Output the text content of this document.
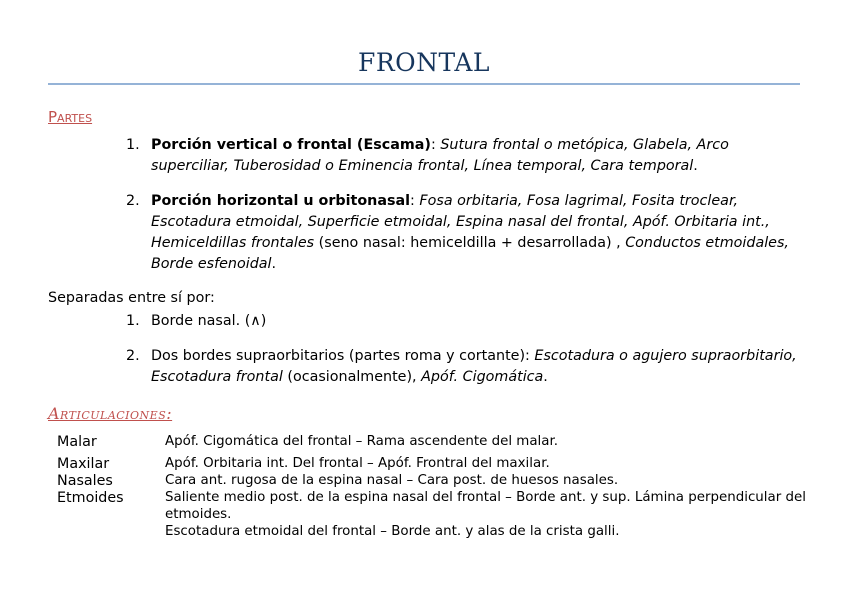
FRONTAL
Partes
1. Porción vertical o frontal (Escama): Sutura frontal o metópica, Glabela, Arco superciliar, Tuberosidad o Eminencia frontal, Línea temporal, Cara temporal.
2. Porción horizontal u orbitonasal: Fosa orbitaria, Fosa lagrimal, Fosita troclear, Escotadura etmoidal, Superficie etmoidal, Espina nasal del frontal, Apóf. Orbitaria int., Hemiceldillas frontales (seno nasal: hemiceldilla + desarrollada) , Conductos etmoidales, Borde esfenoidal.
Separadas entre sí por:
1. Borde nasal. (∧)
2. Dos bordes supraorbitarios (partes roma y cortante): Escotadura o agujero supraorbitario, Escotadura frontal (ocasionalmente), Apóf. Cigomática.
Articulaciones:
Malar	Apóf. Cigomática del frontal – Rama ascendente del malar.
Maxilar	Apóf. Orbitaria int. Del frontal – Apóf. Frontral del maxilar.
Nasales	Cara ant. rugosa de la espina nasal – Cara post. de huesos nasales.
Etmoides	Saliente medio post. de la espina nasal del frontal – Borde ant. y sup. Lámina perpendicular del etmoides.
Escotadura etmoidal del frontal – Borde ant. y alas de la crista galli.
